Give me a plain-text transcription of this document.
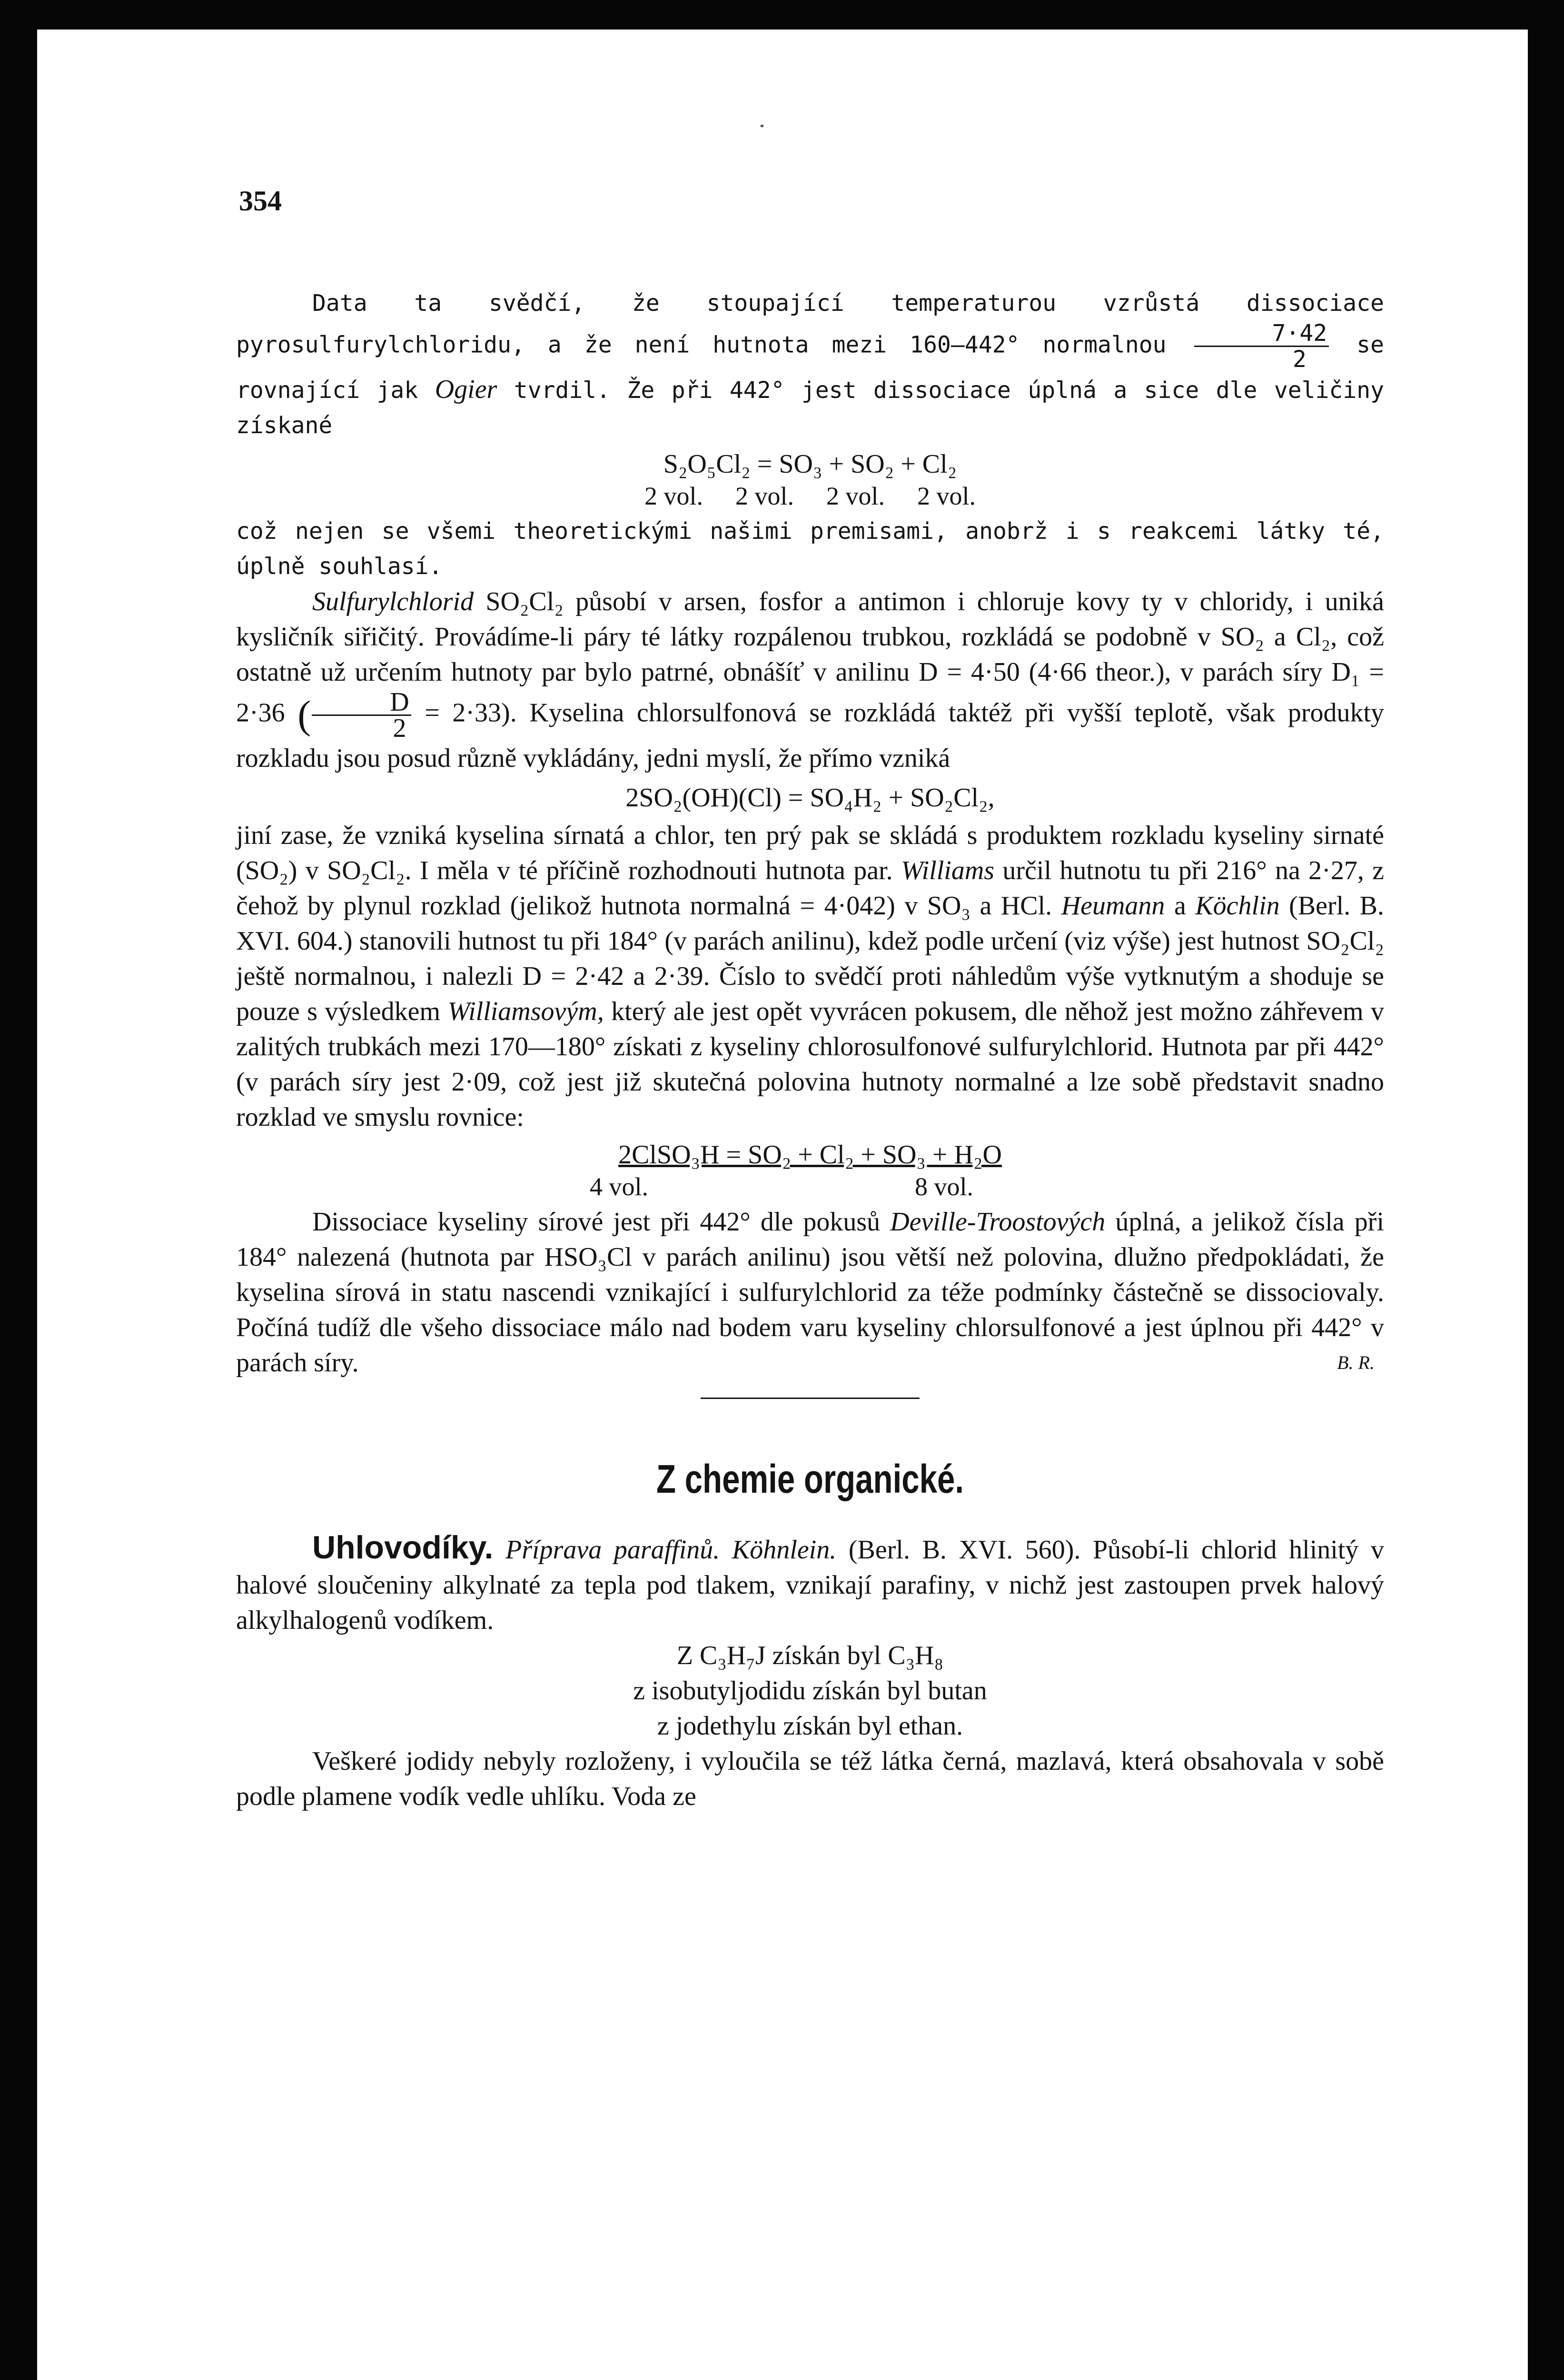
354

Data ta svědčí, že stoupající temperaturou vzrůstá dissociace pyrosulfurylchloridu, a že není hutnota mezi 160—442° normalnou $\frac{7\cdot 42}{2}$ se rovnající jak Ogier tvrdil. Že při 442° jest dissociace úplná a sice dle veličiny získané

S₂O₅Cl₂ = SO₃ + SO₂ + Cl₂
2 vol. 2 vol. 2 vol. 2 vol.

což nejen se všemi theoretickými našimi premisami, anobrž i s reakcemi látky té, úplně souhlasí.

Sulfurylchlorid SO₂Cl₂ působí v arsen, fosfor a antimon i chloruje kovy ty v chloridy, i uniká kysličník siřičitý. Provádíme-li páry té látky rozpálenou trubkou, rozkládá se podobně v SO₂ a Cl₂, což ostatně už určením hutnoty par bylo patrné, obnášíť v anilinu D = 4·50 (4·66 theor.), v parách síry D₁ = 2·36 ( $\frac{D}{2} = 2\cdot 33$). Kyselina chlorsulfonová se rozkládá taktéž při vyšší teplotě, však produkty rozkladu jsou posud různě vykládány, jedni myslí, že přímo vzniká

2SO₂(OH)(Cl) = SO₄H₂ + SO₂Cl₂,

jiní zase, že vzniká kyselina sírnatá a chlor, ten prý pak se skládá s produktem rozkladu kyseliny sirnaté (SO₂) v SO₂Cl₂. I měla v té příčině rozhodnouti hutnota par. Williams určil hutnotu tu při 216° na 2·27, z čehož by plynul rozklad (jelikož hutnota normalná = 4·042) v SO₃ a HCl. Heumann a Köchlin (Berl. B. XVI. 604.) stanovili hutnost tu při 184° (v parách anilinu), kdež podle určení (viz výše) jest hutnost SO₂Cl₂ ještě normalnou, i nalezli D = 2·42 a 2·39. Číslo to svědčí proti náhledům výše vytknutým a shoduje se pouze s výsledkem Williamsovým, který ale jest opět vyvrácen pokusem, dle něhož jest možno záhřevem v zalitých trubkách mezi 170—180° získati z kyseliny chlorosulfonové sulfurylchlorid. Hutnota par při 442° (v parách síry jest 2·09, což jest již skutečná polovina hutnoty normalné a lze sobě představit snadno rozklad ve smyslu rovnice:

2ClSO₃H = SO₂ + Cl₂ + SO₃ + H₂O
4 vol.	8 vol.

Dissociace kyseliny sírové jest při 442° dle pokusů Deville-Troostových úplná, a jelikož čísla při 184° nalezená (hutnota par HSO₃Cl v parách anilinu) jsou větší než polovina, dlužno předpokládati, že kyselina sírová in statu nascendi vznikající i sulfurylchlorid za téže podmínky částečně se dissociovaly. Počíná tudíž dle všeho dissociace málo nad bodem varu kyseliny chlorsulfonové a jest úplnou při 442° v parách síry.	B. R.

Z chemie organické.

Uhlovodíky. Příprava paraffinů. Köhnlein. (Berl. B. XVI. 560). Působí-li chlorid hlinitý v halové sloučeniny alkylnaté za tepla pod tlakem, vznikají parafiny, v nichž jest zastoupen prvek halový alkylhalogenů vodíkem.

Z C₃H₇J získán byl C₃H₈
z isobutyljodidu získán byl butan
z jodethylu získán byl ethan.

Veškeré jodidy nebyly rozloženy, i vyloučila se též látka černá, mazlavá, která obsahovala v sobě podle plamene vodík vedle uhlíku. Voda ze
